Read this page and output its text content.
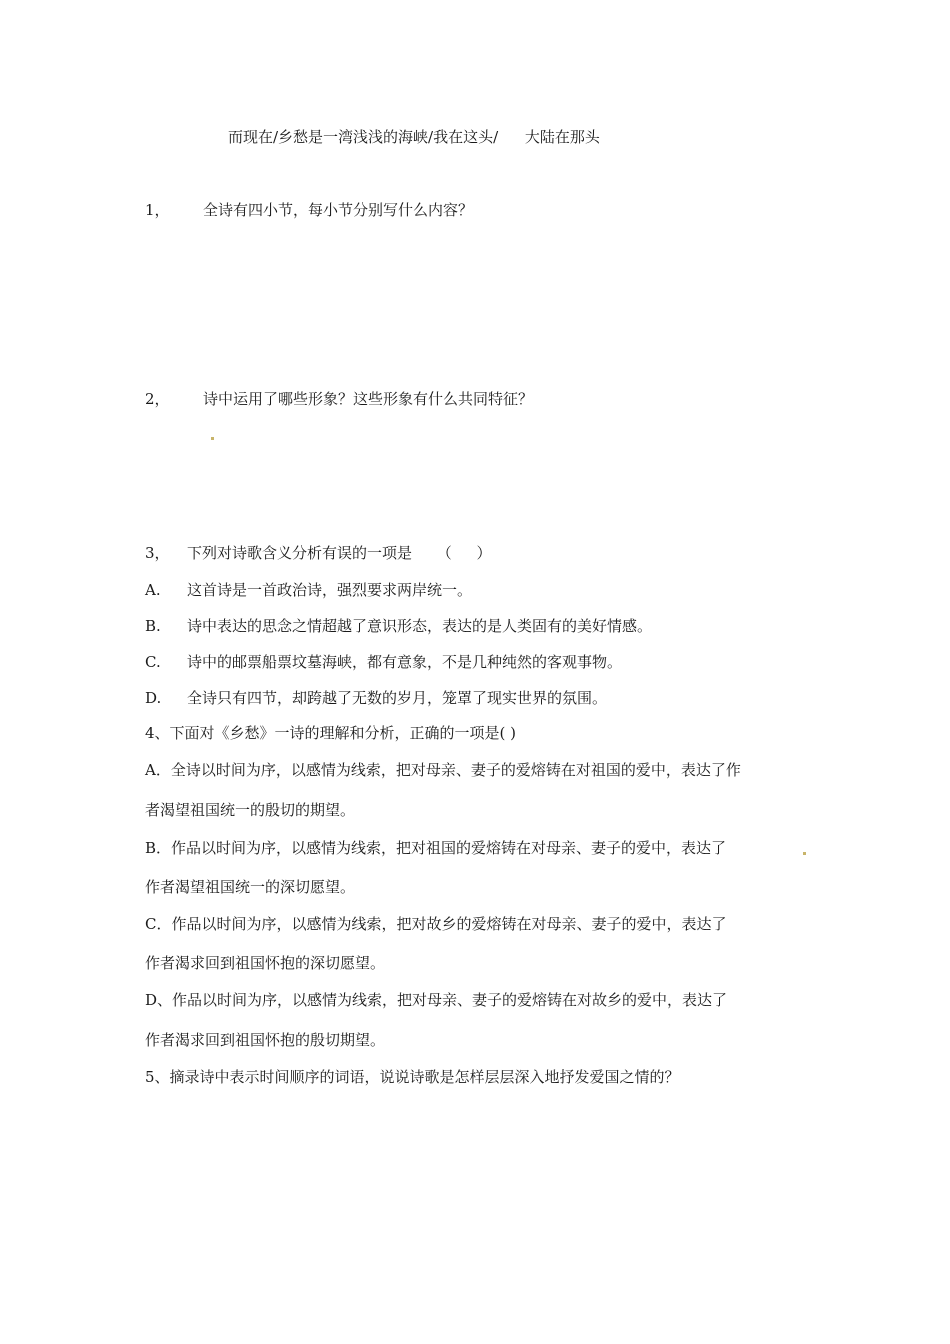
而现在/乡愁是一湾浅浅的海峡/我在这头/ 大陆在那头
1， 全诗有四小节，每小节分别写什么内容？
2， 诗中运用了哪些形象？这些形象有什么共同特征？
3， 下列对诗歌含义分析有误的一项是 （ ）
A. 这首诗是一首政治诗，强烈要求两岸统一。
B. 诗中表达的思念之情超越了意识形态，表达的是人类固有的美好情感。
C. 诗中的邮票船票坟墓海峡，都有意象，不是几种纯然的客观事物。
D. 全诗只有四节，却跨越了无数的岁月，笼罩了现实世界的氛围。
4、下面对《乡愁》一诗的理解和分析，正确的一项是( )
A．全诗以时间为序，以感情为线索，把对母亲、妻子的爱熔铸在对祖国的爱中，表达了作
者渴望祖国统一的殷切的期望。
B．作品以时间为序，以感情为线索，把对祖国的爱熔铸在对母亲、妻子的爱中，表达了
作者渴望祖国统一的深切愿望。
C．作品以时间为序，以感情为线索，把对故乡的爱熔铸在对母亲、妻子的爱中，表达了
作者渴求回到祖国怀抱的深切愿望。
D、作品以时间为序，以感情为线索，把对母亲、妻子的爱熔铸在对故乡的爱中，表达了
作者渴求回到祖国怀抱的殷切期望。
5、摘录诗中表示时间顺序的词语，说说诗歌是怎样层层深入地抒发爱国之情的？
